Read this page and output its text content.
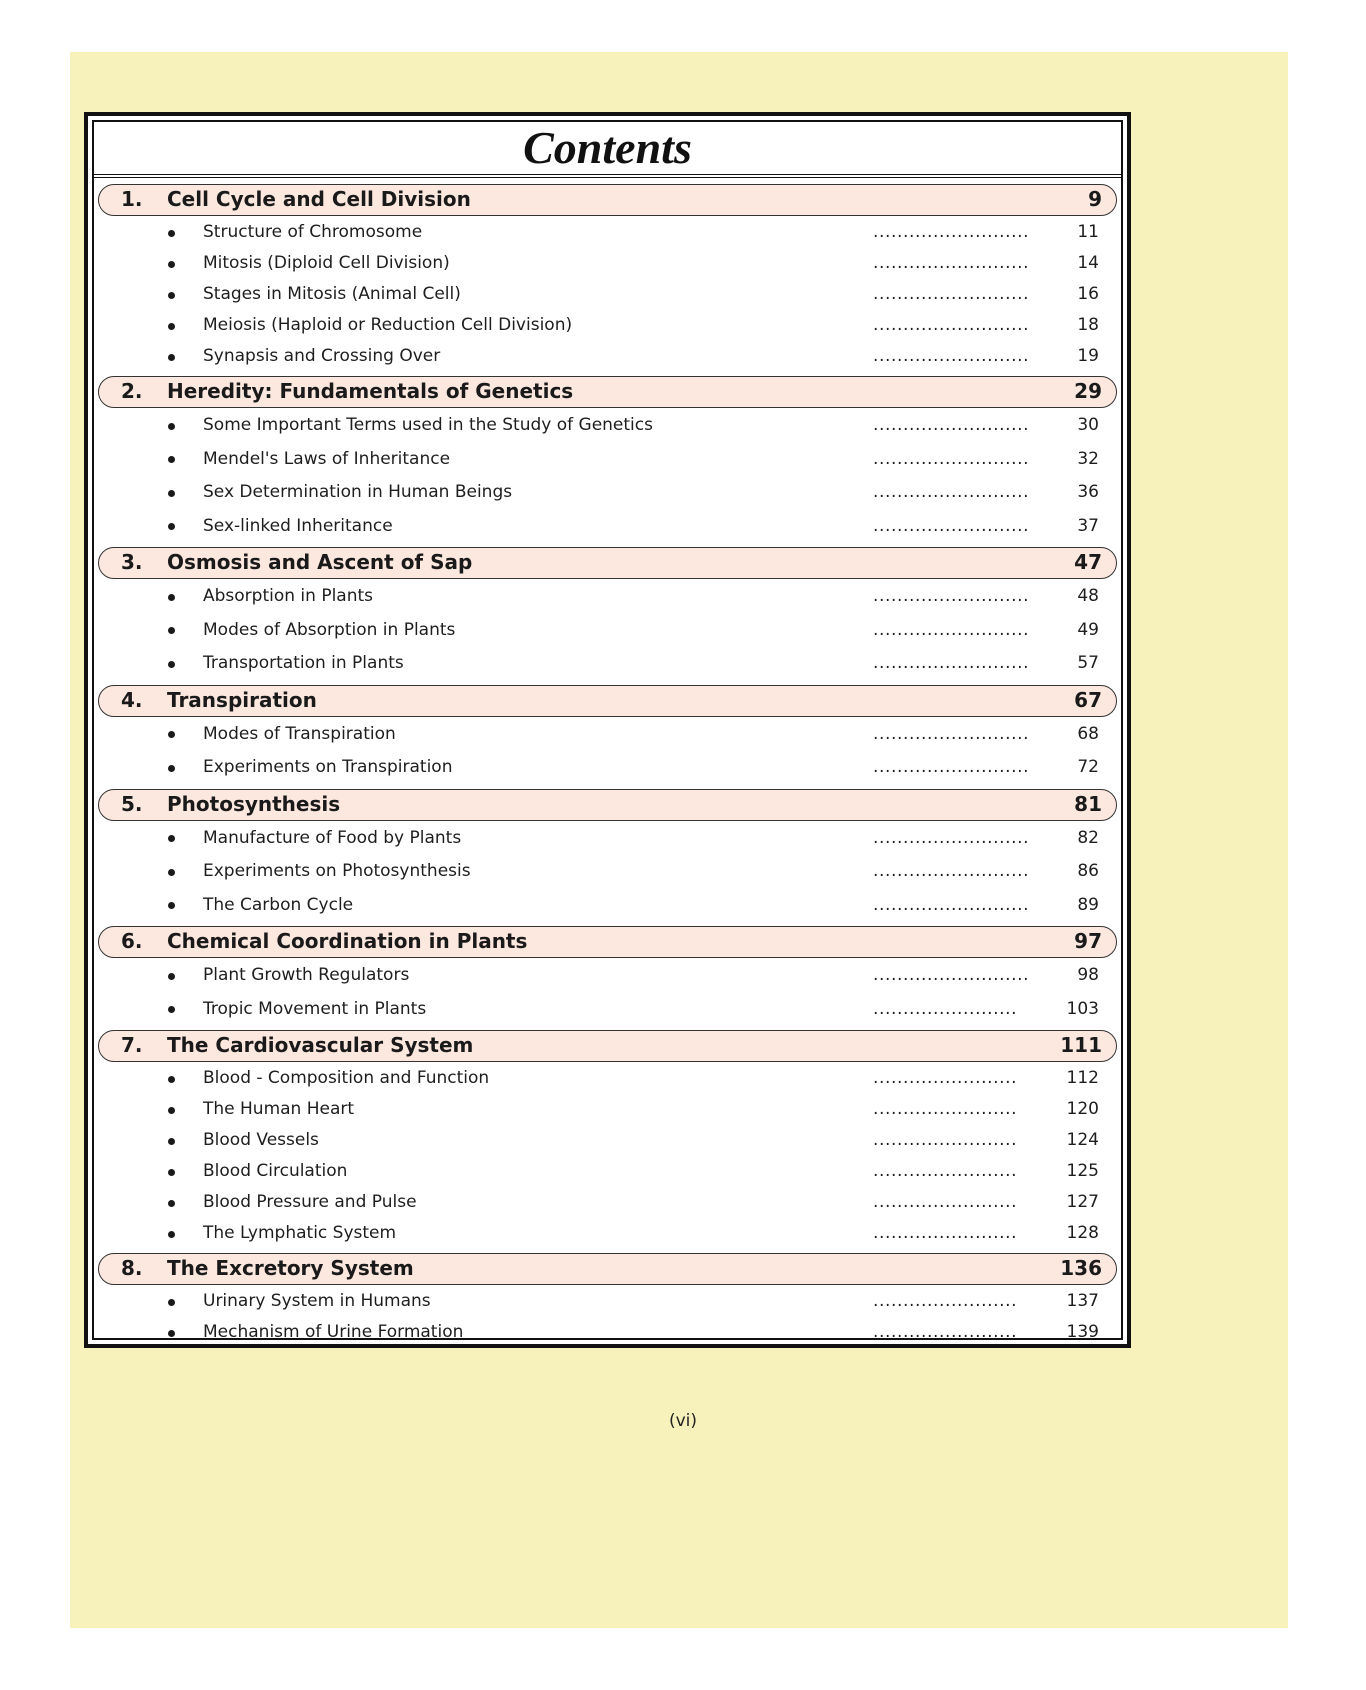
Contents
1. Cell Cycle and Cell Division	9
Structure of Chromosome	..........................	11
Mitosis (Diploid Cell Division)	..........................	14
Stages in Mitosis (Animal Cell)	..........................	16
Meiosis (Haploid or Reduction Cell Division)	..........................	18
Synapsis and Crossing Over	..........................	19
2. Heredity: Fundamentals of Genetics	29
Some Important Terms used in the Study of Genetics	..........................	30
Mendel's Laws of Inheritance	..........................	32
Sex Determination in Human Beings	..........................	36
Sex-linked Inheritance	..........................	37
3. Osmosis and Ascent of Sap	47
Absorption in Plants	..........................	48
Modes of Absorption in Plants	..........................	49
Transportation in Plants	..........................	57
4. Transpiration	67
Modes of Transpiration	..........................	68
Experiments on Transpiration	..........................	72
5. Photosynthesis	81
Manufacture of Food by Plants	..........................	82
Experiments on Photosynthesis	..........................	86
The Carbon Cycle	..........................	89
6. Chemical Coordination in Plants	97
Plant Growth Regulators	..........................	98
Tropic Movement in Plants	........................	103
7. The Cardiovascular System	111
Blood - Composition and Function	........................	112
The Human Heart	........................	120
Blood Vessels	........................	124
Blood Circulation	........................	125
Blood Pressure and Pulse	........................	127
The Lymphatic System	........................	128
8. The Excretory System	136
Urinary System in Humans	........................	137
Mechanism of Urine Formation	........................	139
(vi)
